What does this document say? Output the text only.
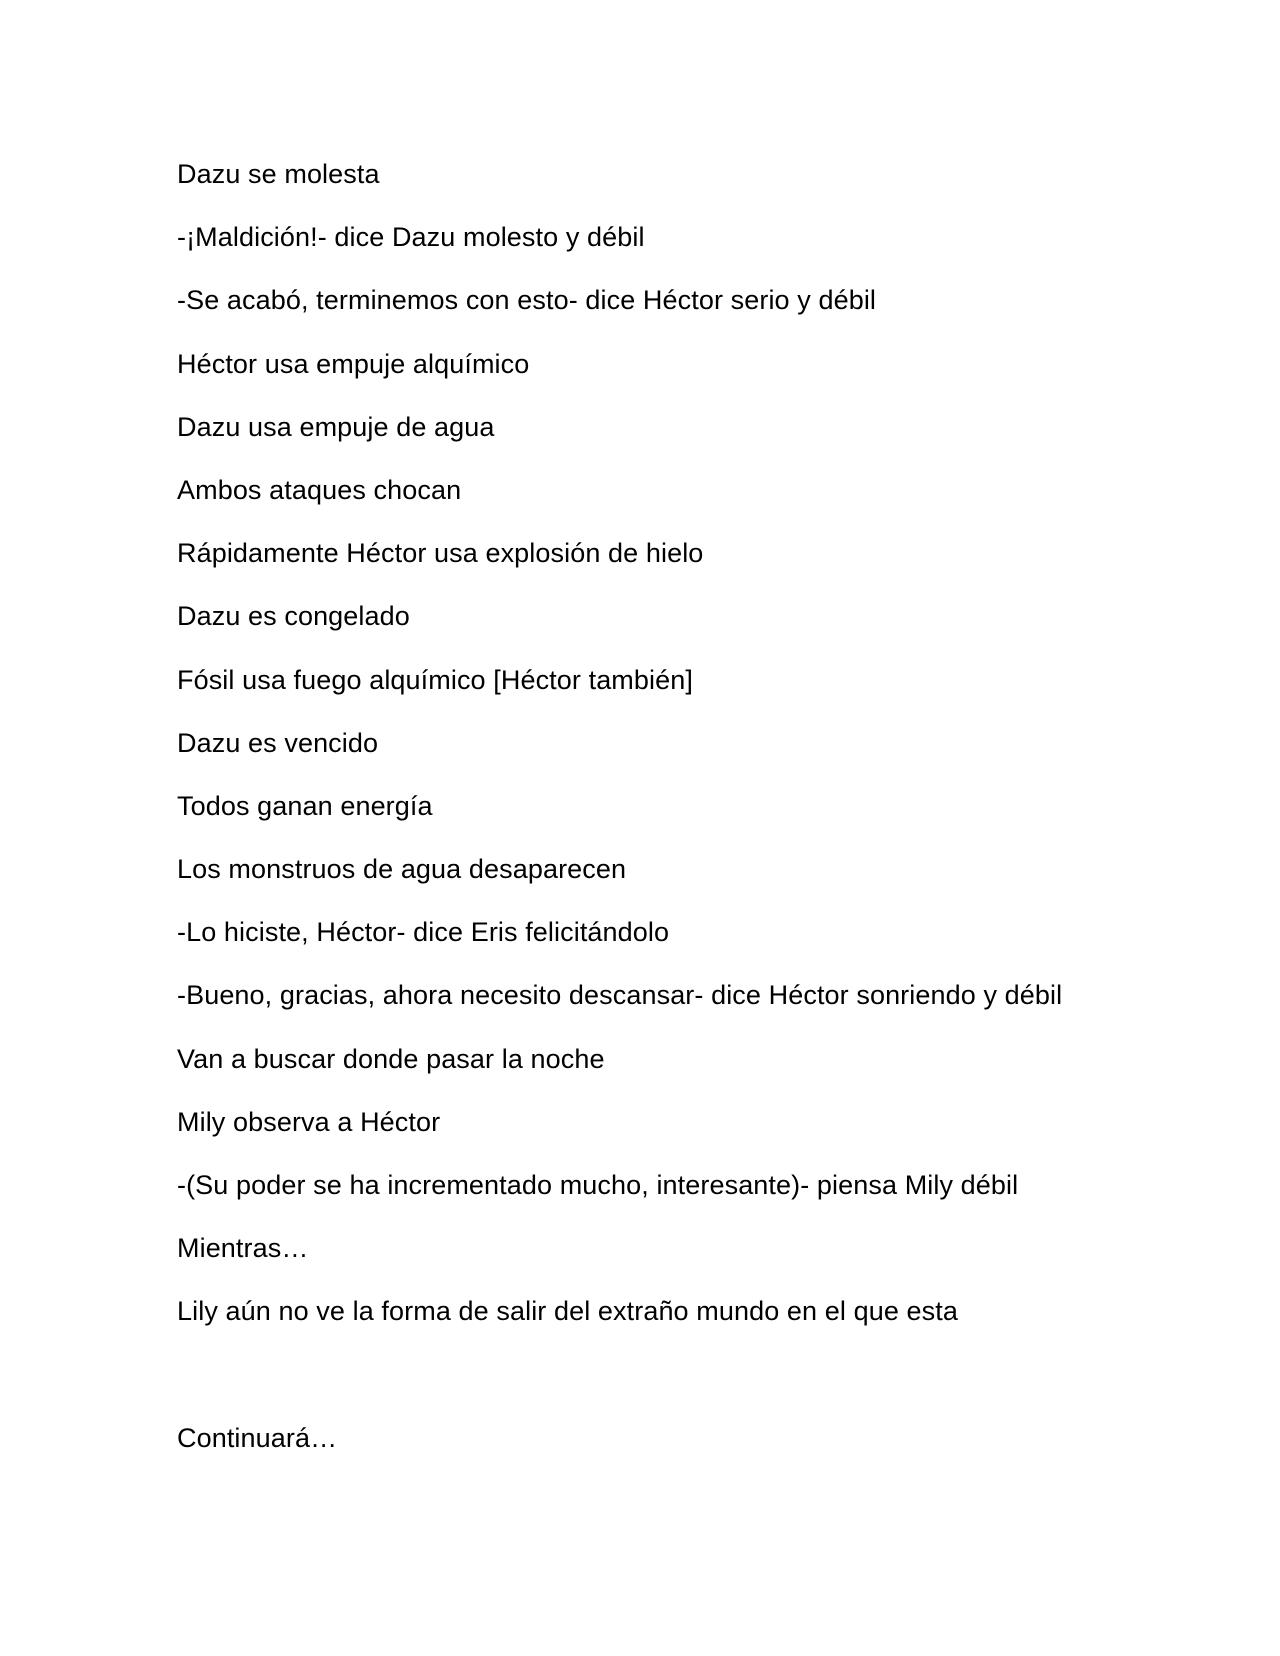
Dazu se molesta
-¡Maldición!- dice Dazu molesto y débil
-Se acabó, terminemos con esto- dice Héctor serio y débil
Héctor usa empuje alquímico
Dazu usa empuje de agua
Ambos ataques chocan
Rápidamente Héctor usa explosión de hielo
Dazu es congelado
Fósil usa fuego alquímico [Héctor también]
Dazu es vencido
Todos ganan energía
Los monstruos de agua desaparecen
-Lo hiciste, Héctor- dice Eris felicitándolo
-Bueno, gracias, ahora necesito descansar- dice Héctor sonriendo y débil
Van a buscar donde pasar la noche
Mily observa a Héctor
-(Su poder se ha incrementado mucho, interesante)- piensa Mily débil
Mientras…
Lily aún no ve la forma de salir del extraño mundo en el que esta
Continuará…
